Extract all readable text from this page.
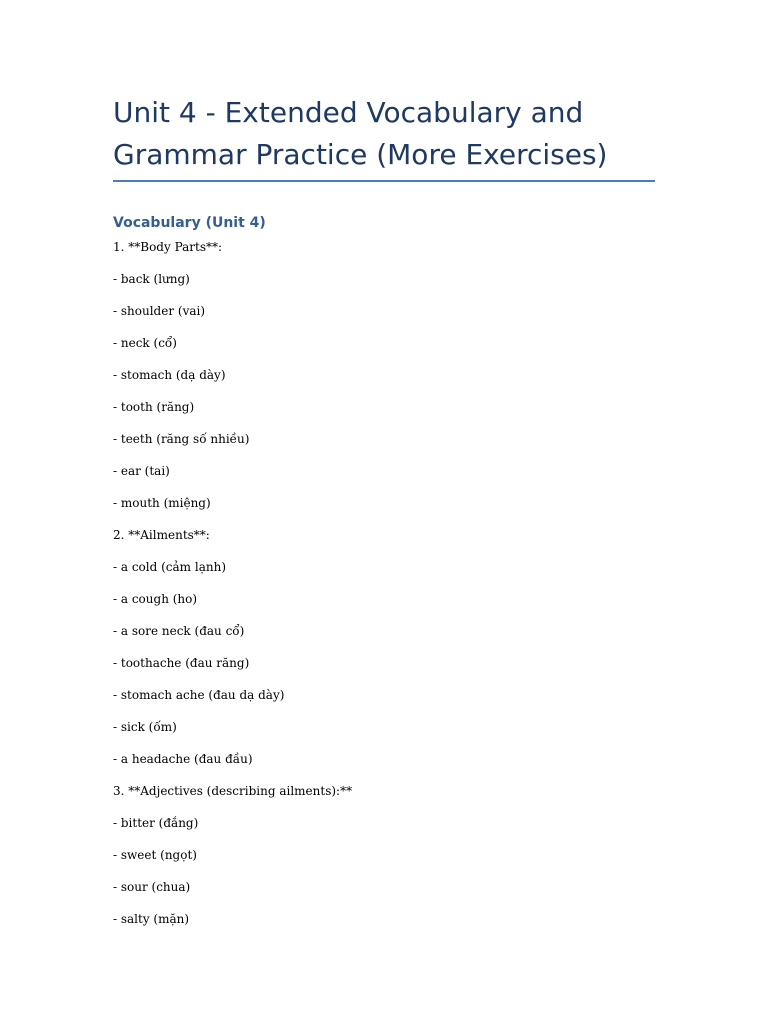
Unit 4 - Extended Vocabulary and Grammar Practice (More Exercises)
Vocabulary (Unit 4)
1. **Body Parts**:
- back (lưng)
- shoulder (vai)
- neck (cổ)
- stomach (dạ dày)
- tooth (răng)
- teeth (răng số nhiều)
- ear (tai)
- mouth (miệng)
2. **Ailments**:
- a cold (cảm lạnh)
- a cough (ho)
- a sore neck (đau cổ)
- toothache (đau răng)
- stomach ache (đau dạ dày)
- sick (ốm)
- a headache (đau đầu)
3. **Adjectives (describing ailments):**
- bitter (đắng)
- sweet (ngọt)
- sour (chua)
- salty (mặn)
